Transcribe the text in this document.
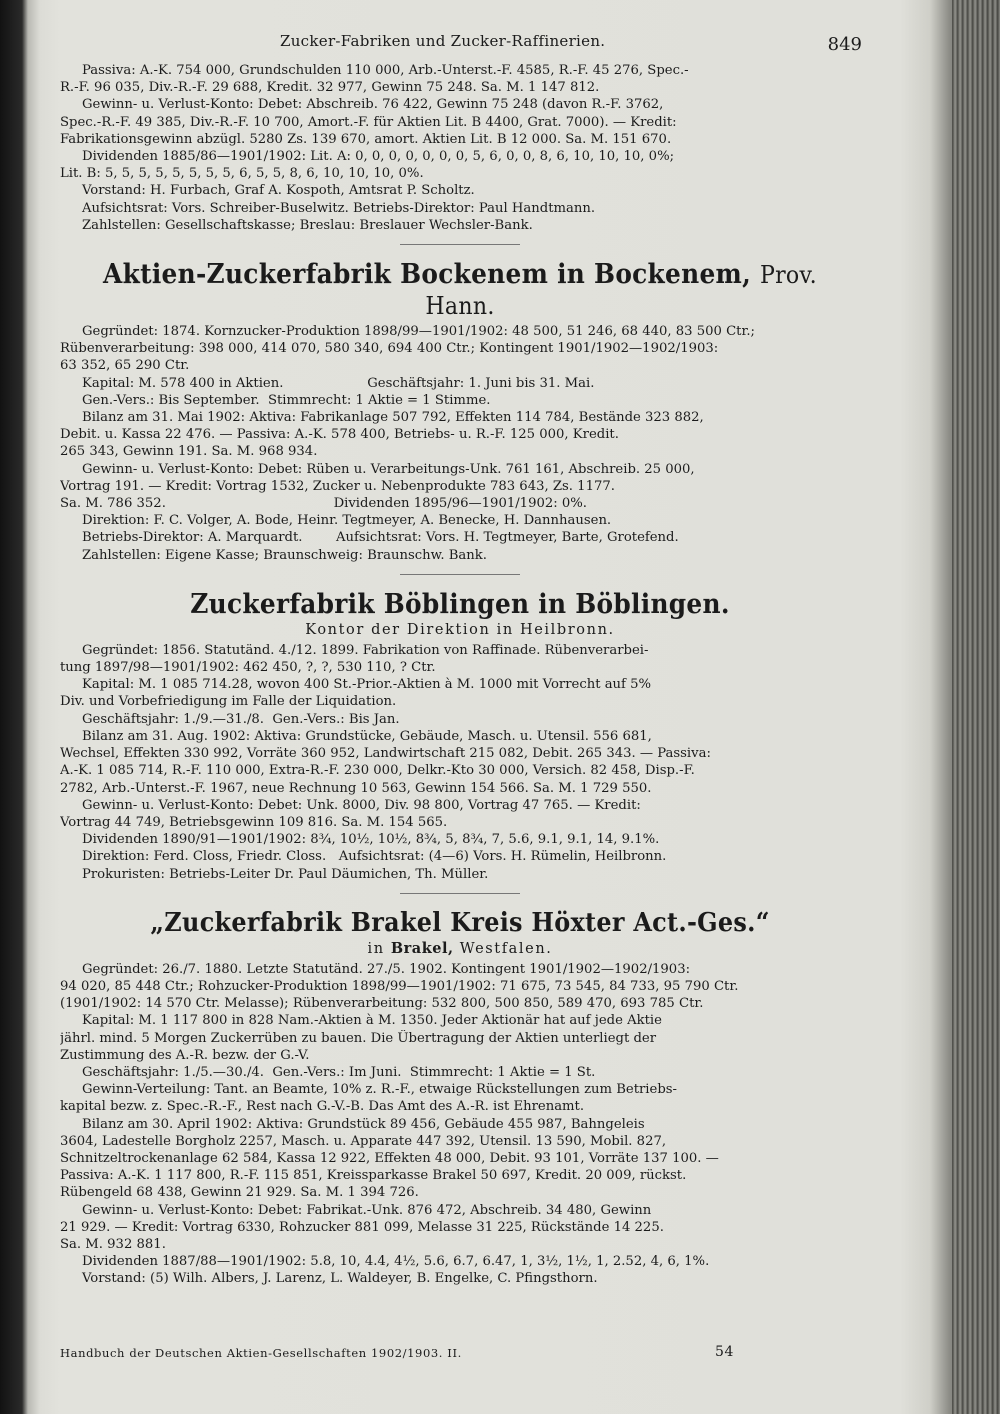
Zucker-Fabriken und Zucker-Raffinerien.	849
Passiva: A.-K. 754 000, Grundschulden 110 000, Arb.-Unterst.-F. 4585, R.-F. 45 276, Spec.-
R.-F. 96 035, Div.-R.-F. 29 688, Kredit. 32 977, Gewinn 75 248. Sa. M. 1 147 812.
Gewinn- u. Verlust-Konto: Debet: Abschreib. 76 422, Gewinn 75 248 (davon R.-F. 3762,
Spec.-R.-F. 49 385, Div.-R.-F. 10 700, Amort.-F. für Aktien Lit. B 4400, Grat. 7000). — Kredit:
Fabrikationsgewinn abzügl. 5280 Zs. 139 670, amort. Aktien Lit. B 12 000. Sa. M. 151 670.
Dividenden 1885/86—1901/1902: Lit. A: 0, 0, 0, 0, 0, 0, 0, 5, 6, 0, 0, 8, 6, 10, 10, 10, 0%;
Lit. B: 5, 5, 5, 5, 5, 5, 5, 5, 6, 5, 5, 8, 6, 10, 10, 10, 0%.
Vorstand: H. Furbach, Graf A. Kospoth, Amtsrat P. Scholtz.
Aufsichtsrat: Vors. Schreiber-Buselwitz. Betriebs-Direktor: Paul Handtmann.
Zahlstellen: Gesellschaftskasse; Breslau: Breslauer Wechsler-Bank.
Aktien-Zuckerfabrik Bockenem in Bockenem, Prov. Hann.
Gegründet: 1874. Kornzucker-Produktion 1898/99—1901/1902: 48 500, 51 246, 68 440, 83 500 Ctr.;
Rübenverarbeitung: 398 000, 414 070, 580 340, 694 400 Ctr.; Kontingent 1901/1902—1902/1903:
63 352, 65 290 Ctr.
Kapital: M. 578 400 in Aktien.                    Geschäftsjahr: 1. Juni bis 31. Mai.
Gen.-Vers.: Bis September.  Stimmrecht: 1 Aktie = 1 Stimme.
Bilanz am 31. Mai 1902: Aktiva: Fabrikanlage 507 792, Effekten 114 784, Bestände 323 882,
Debit. u. Kassa 22 476. — Passiva: A.-K. 578 400, Betriebs- u. R.-F. 125 000, Kredit.
265 343, Gewinn 191. Sa. M. 968 934.
Gewinn- u. Verlust-Konto: Debet: Rüben u. Verarbeitungs-Unk. 761 161, Abschreib. 25 000,
Vortrag 191. — Kredit: Vortrag 1532, Zucker u. Nebenprodukte 783 643, Zs. 1177.
Sa. M. 786 352.                                        Dividenden 1895/96—1901/1902: 0%.
Direktion: F. C. Volger, A. Bode, Heinr. Tegtmeyer, A. Benecke, H. Dannhausen.
Betriebs-Direktor: A. Marquardt.        Aufsichtsrat: Vors. H. Tegtmeyer, Barte, Grotefend.
Zahlstellen: Eigene Kasse; Braunschweig: Braunschw. Bank.
Zuckerfabrik Böblingen in Böblingen.
Kontor der Direktion in Heilbronn.
Gegründet: 1856. Statutänd. 4./12. 1899. Fabrikation von Raffinade. Rübenverarbei-
tung 1897/98—1901/1902: 462 450, ?, ?, 530 110, ? Ctr.
Kapital: M. 1 085 714.28, wovon 400 St.-Prior.-Aktien à M. 1000 mit Vorrecht auf 5%
Div. und Vorbefriedigung im Falle der Liquidation.
Geschäftsjahr: 1./9.—31./8.  Gen.-Vers.: Bis Jan.
Bilanz am 31. Aug. 1902: Aktiva: Grundstücke, Gebäude, Masch. u. Utensil. 556 681,
Wechsel, Effekten 330 992, Vorräte 360 952, Landwirtschaft 215 082, Debit. 265 343. — Passiva:
A.-K. 1 085 714, R.-F. 110 000, Extra-R.-F. 230 000, Delkr.-Kto 30 000, Versich. 82 458, Disp.-F.
2782, Arb.-Unterst.-F. 1967, neue Rechnung 10 563, Gewinn 154 566. Sa. M. 1 729 550.
Gewinn- u. Verlust-Konto: Debet: Unk. 8000, Div. 98 800, Vortrag 47 765. — Kredit:
Vortrag 44 749, Betriebsgewinn 109 816. Sa. M. 154 565.
Dividenden 1890/91—1901/1902: 8¾, 10½, 10½, 8¾, 5, 8¾, 7, 5.6, 9.1, 9.1, 14, 9.1%.
Direktion: Ferd. Closs, Friedr. Closs.   Aufsichtsrat: (4—6) Vors. H. Rümelin, Heilbronn.
Prokuristen: Betriebs-Leiter Dr. Paul Däumichen, Th. Müller.
„Zuckerfabrik Brakel Kreis Höxter Act.-Ges.“
in Brakel, Westfalen.
Gegründet: 26./7. 1880. Letzte Statutänd. 27./5. 1902. Kontingent 1901/1902—1902/1903:
94 020, 85 448 Ctr.; Rohzucker-Produktion 1898/99—1901/1902: 71 675, 73 545, 84 733, 95 790 Ctr.
(1901/1902: 14 570 Ctr. Melasse); Rübenverarbeitung: 532 800, 500 850, 589 470, 693 785 Ctr.
Kapital: M. 1 117 800 in 828 Nam.-Aktien à M. 1350. Jeder Aktionär hat auf jede Aktie
jährl. mind. 5 Morgen Zuckerrüben zu bauen. Die Übertragung der Aktien unterliegt der
Zustimmung des A.-R. bezw. der G.-V.
Geschäftsjahr: 1./5.—30./4.  Gen.-Vers.: Im Juni.  Stimmrecht: 1 Aktie = 1 St.
Gewinn-Verteilung: Tant. an Beamte, 10% z. R.-F., etwaige Rückstellungen zum Betriebs-
kapital bezw. z. Spec.-R.-F., Rest nach G.-V.-B. Das Amt des A.-R. ist Ehrenamt.
Bilanz am 30. April 1902: Aktiva: Grundstück 89 456, Gebäude 455 987, Bahngeleis
3604, Ladestelle Borgholz 2257, Masch. u. Apparate 447 392, Utensil. 13 590, Mobil. 827,
Schnitzeltrockenanlage 62 584, Kassa 12 922, Effekten 48 000, Debit. 93 101, Vorräte 137 100. —
Passiva: A.-K. 1 117 800, R.-F. 115 851, Kreissparkasse Brakel 50 697, Kredit. 20 009, rückst.
Rübengeld 68 438, Gewinn 21 929. Sa. M. 1 394 726.
Gewinn- u. Verlust-Konto: Debet: Fabrikat.-Unk. 876 472, Abschreib. 34 480, Gewinn
21 929. — Kredit: Vortrag 6330, Rohzucker 881 099, Melasse 31 225, Rückstände 14 225.
Sa. M. 932 881.
Dividenden 1887/88—1901/1902: 5.8, 10, 4.4, 4½, 5.6, 6.7, 6.47, 1, 3½, 1½, 1, 2.52, 4, 6, 1%.
Vorstand: (5) Wilh. Albers, J. Larenz, L. Waldeyer, B. Engelke, C. Pfingsthorn.
Handbuch der Deutschen Aktien-Gesellschaften 1902/1903. II.	54
